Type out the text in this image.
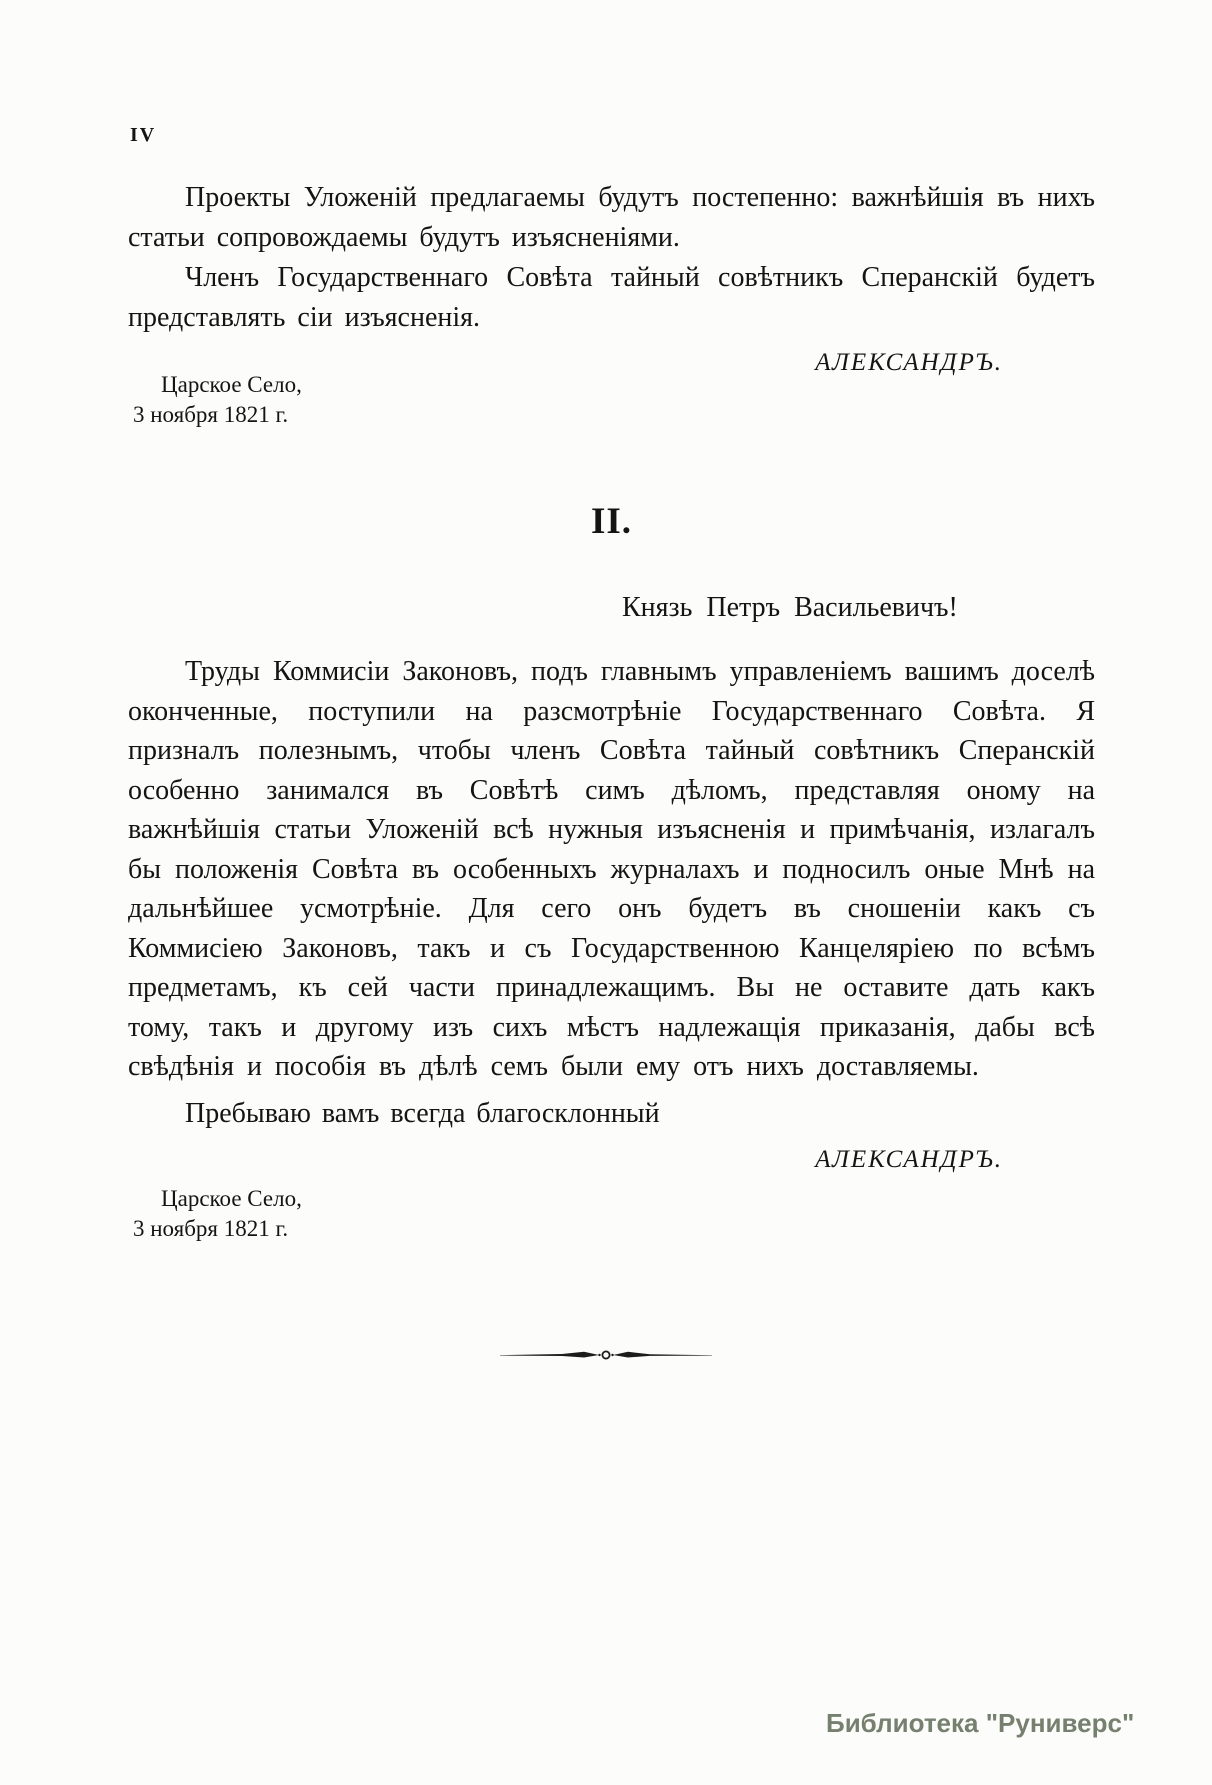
IV

Проекты Уложеній предлагаемы будутъ постепенно: важнѣйшія въ нихъ статьи сопровождаемы будутъ изъясненіями.

Членъ Государственнаго Совѣта тайный совѣтникъ Сперанскій будетъ представлять сіи изъясненія.

АЛЕКСАНДРЪ.
Царское Село,
3 ноября 1821 г.
II.
Князь Петръ Васильевичъ!

Труды Коммисіи Законовъ, подъ главнымъ управленіемъ вашимъ доселѣ оконченные, поступили на разсмотрѣніе Государственнаго Совѣта. Я призналъ полезнымъ, чтобы членъ Совѣта тайный совѣтникъ Сперанскій особенно занимался въ Совѣтѣ симъ дѣломъ, представляя оному на важнѣйшія статьи Уложеній всѣ нужныя изъясненія и примѣчанія, излагалъ бы положенія Совѣта въ особенныхъ журналахъ и подносилъ оные Мнѣ на дальнѣйшее усмотрѣніе. Для сего онъ будетъ въ сношеніи какъ съ Коммисіею Законовъ, такъ и съ Государственною Канцеляріею по всѣмъ предметамъ, къ сей части принадлежащимъ. Вы не оставите дать какъ тому, такъ и другому изъ сихъ мѣстъ надлежащія приказанія, дабы всѣ свѣдѣнія и пособія въ дѣлѣ семъ были ему отъ нихъ доставляемы.

Пребываю вамъ всегда благосклонный
АЛЕКСАНДРЪ.
Царское Село,
3 ноября 1821 г.
Библиотека "Руниверс"
